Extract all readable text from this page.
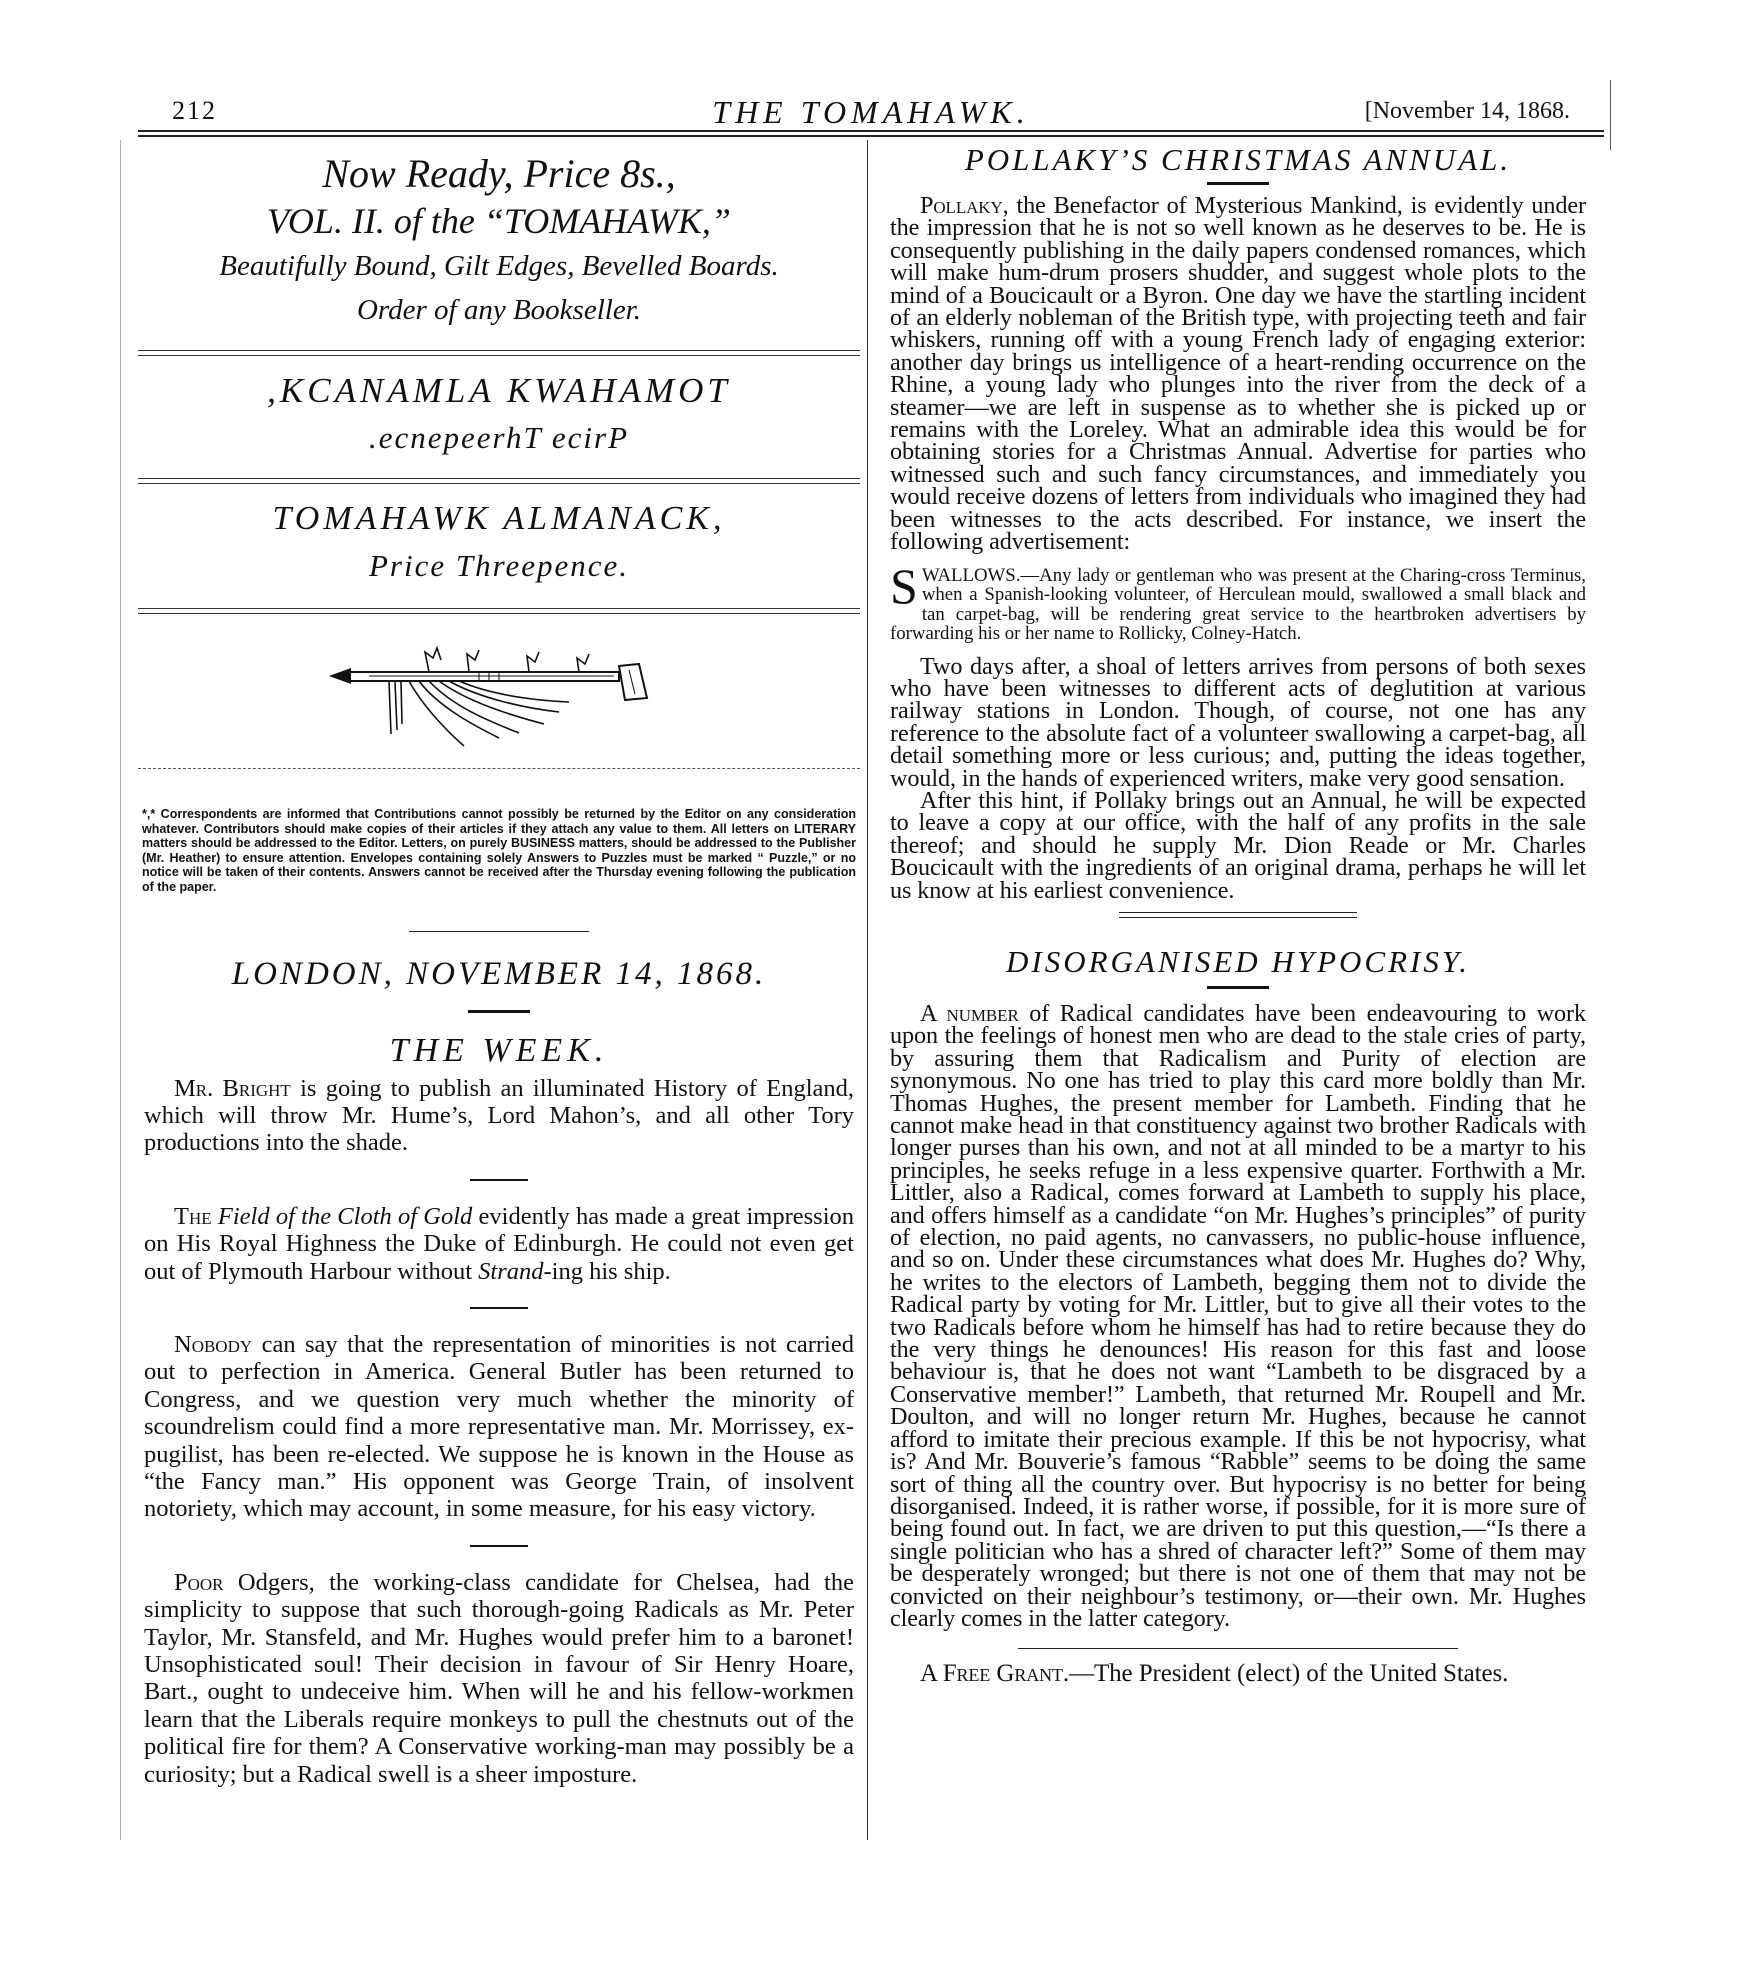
212	THE TOMAHAWK.	[November 14, 1868.
Now Ready, Price 8s.,
VOL. II. of the “TOMAHAWK,”
Beautifully Bound, Gilt Edges, Bevelled Boards.
Order of any Bookseller.
,KCANAMLA KWAHAMOT
.ecnepeerhT ecirP
TOMAHAWK ALMANACK,
Price Threepence.
*,* Correspondents are informed that Contributions cannot possibly be returned by the Editor on any consideration whatever. Contributors should make copies of their articles if they attach any value to them. All letters on LITERARY matters should be addressed to the Editor. Letters, on purely BUSINESS matters, should be addressed to the Publisher (Mr. Heather) to ensure attention. Envelopes containing solely Answers to Puzzles must be marked “ Puzzle,” or no notice will be taken of their contents. Answers cannot be received after the Thursday evening following the publication of the paper.
LONDON, NOVEMBER 14, 1868.
THE WEEK.

Mr. Bright is going to publish an illuminated History of England, which will throw Mr. Hume’s, Lord Mahon’s, and all other Tory productions into the shade.

The Field of the Cloth of Gold evidently has made a great impression on His Royal Highness the Duke of Edinburgh. He could not even get out of Plymouth Harbour without Strand-ing his ship.

Nobody can say that the representation of minorities is not carried out to perfection in America. General Butler has been returned to Congress, and we question very much whether the minority of scoundrelism could find a more representative man. Mr. Morrissey, ex-pugilist, has been re-elected. We suppose he is known in the House as “the Fancy man.” His opponent was George Train, of insolvent notoriety, which may account, in some measure, for his easy victory.

Poor Odgers, the working-class candidate for Chelsea, had the simplicity to suppose that such thorough-going Radicals as Mr. Peter Taylor, Mr. Stansfeld, and Mr. Hughes would prefer him to a baronet! Unsophisticated soul! Their decision in favour of Sir Henry Hoare, Bart., ought to undeceive him. When will he and his fellow-workmen learn that the Liberals require monkeys to pull the chestnuts out of the political fire for them? A Conservative working-man may possibly be a curiosity; but a Radical swell is a sheer imposture.

POLLAKY’S CHRISTMAS ANNUAL.

Pollaky, the Benefactor of Mysterious Mankind, is evidently under the impression that he is not so well known as he deserves to be. He is consequently publishing in the daily papers condensed romances, which will make hum-drum prosers shudder, and suggest whole plots to the mind of a Boucicault or a Byron. One day we have the startling incident of an elderly nobleman of the British type, with projecting teeth and fair whiskers, running off with a young French lady of engaging exterior: another day brings us intelligence of a heart-rending occurrence on the Rhine, a young lady who plunges into the river from the deck of a steamer—we are left in suspense as to whether she is picked up or remains with the Loreley. What an admirable idea this would be for obtaining stories for a Christmas Annual. Advertise for parties who witnessed such and such fancy circumstances, and immediately you would receive dozens of letters from individuals who imagined they had been witnesses to the acts described. For instance, we insert the following advertisement:

SWALLOWS.—Any lady or gentleman who was present at the Charing-cross Terminus, when a Spanish-looking volunteer, of Herculean mould, swallowed a small black and tan carpet-bag, will be rendering great service to the heartbroken advertisers by forwarding his or her name to Rollicky, Colney-Hatch.

Two days after, a shoal of letters arrives from persons of both sexes who have been witnesses to different acts of deglutition at various railway stations in London. Though, of course, not one has any reference to the absolute fact of a volunteer swallowing a carpet-bag, all detail something more or less curious; and, putting the ideas together, would, in the hands of experienced writers, make very good sensation.

After this hint, if Pollaky brings out an Annual, he will be expected to leave a copy at our office, with the half of any profits in the sale thereof; and should he supply Mr. Dion Reade or Mr. Charles Boucicault with the ingredients of an original drama, perhaps he will let us know at his earliest convenience.

DISORGANISED HYPOCRISY.

A number of Radical candidates have been endeavouring to work upon the feelings of honest men who are dead to the stale cries of party, by assuring them that Radicalism and Purity of election are synonymous. No one has tried to play this card more boldly than Mr. Thomas Hughes, the present member for Lambeth. Finding that he cannot make head in that constituency against two brother Radicals with longer purses than his own, and not at all minded to be a martyr to his principles, he seeks refuge in a less expensive quarter. Forthwith a Mr. Littler, also a Radical, comes forward at Lambeth to supply his place, and offers himself as a candidate “on Mr. Hughes’s principles” of purity of election, no paid agents, no canvassers, no public-house influence, and so on. Under these circumstances what does Mr. Hughes do? Why, he writes to the electors of Lambeth, begging them not to divide the Radical party by voting for Mr. Littler, but to give all their votes to the two Radicals before whom he himself has had to retire because they do the very things he denounces! His reason for this fast and loose behaviour is, that he does not want “Lambeth to be disgraced by a Conservative member!” Lambeth, that returned Mr. Roupell and Mr. Doulton, and will no longer return Mr. Hughes, because he cannot afford to imitate their precious example. If this be not hypocrisy, what is? And Mr. Bouverie’s famous “Rabble” seems to be doing the same sort of thing all the country over. But hypocrisy is no better for being disorganised. Indeed, it is rather worse, if possible, for it is more sure of being found out. In fact, we are driven to put this question,—“Is there a single politician who has a shred of character left?” Some of them may be desperately wronged; but there is not one of them that may not be convicted on their neighbour’s testimony, or—their own. Mr. Hughes clearly comes in the latter category.

A Free Grant.—The President (elect) of the United States.
